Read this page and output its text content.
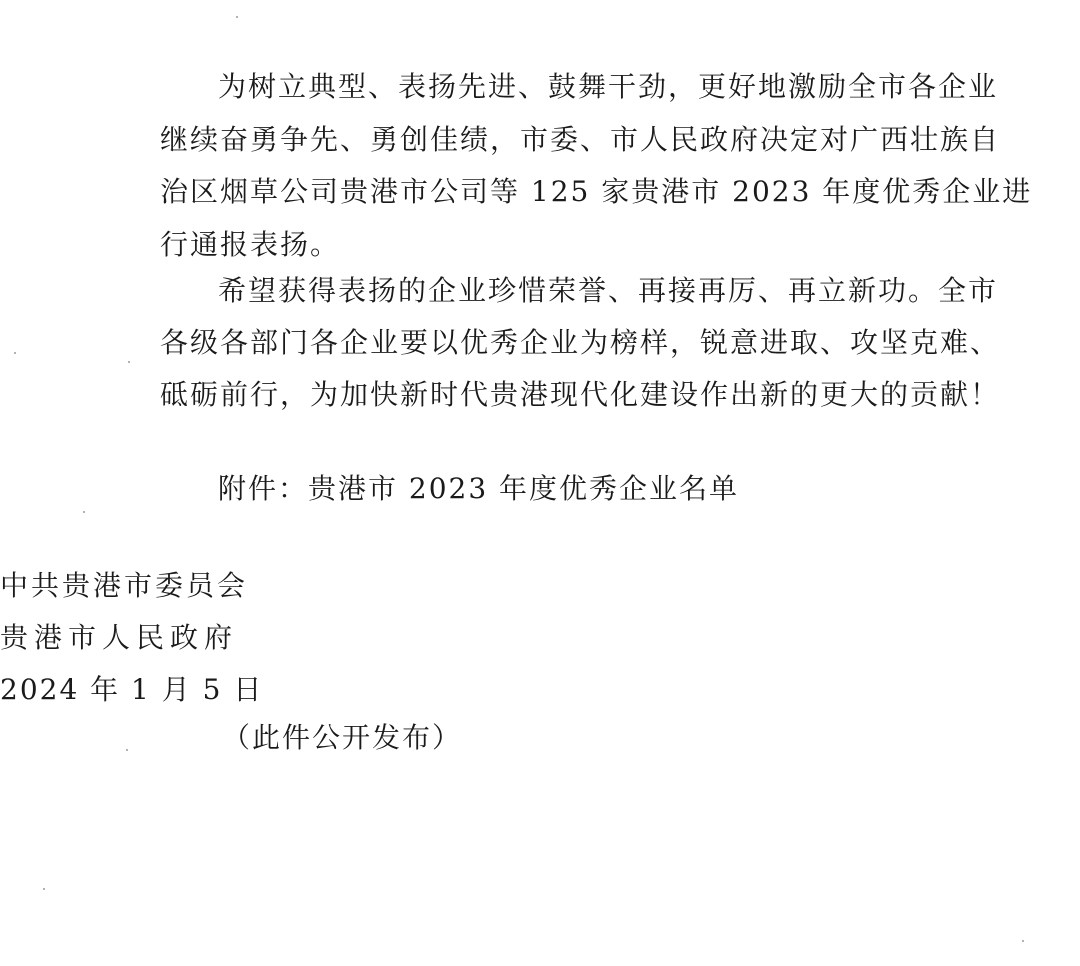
为树立典型、表扬先进、鼓舞干劲，更好地激励全市各企业
继续奋勇争先、勇创佳绩，市委、市人民政府决定对广西壮族自
治区烟草公司贵港市公司等 125 家贵港市 2023 年度优秀企业进
行通报表扬。
希望获得表扬的企业珍惜荣誉、再接再厉、再立新功。全市
各级各部门各企业要以优秀企业为榜样，锐意进取、攻坚克难、
砥砺前行，为加快新时代贵港现代化建设作出新的更大的贡献！
附件：贵港市 2023 年度优秀企业名单
中共贵港市委员会
贵港市人民政府
2024 年 1 月 5 日
（此件公开发布）
